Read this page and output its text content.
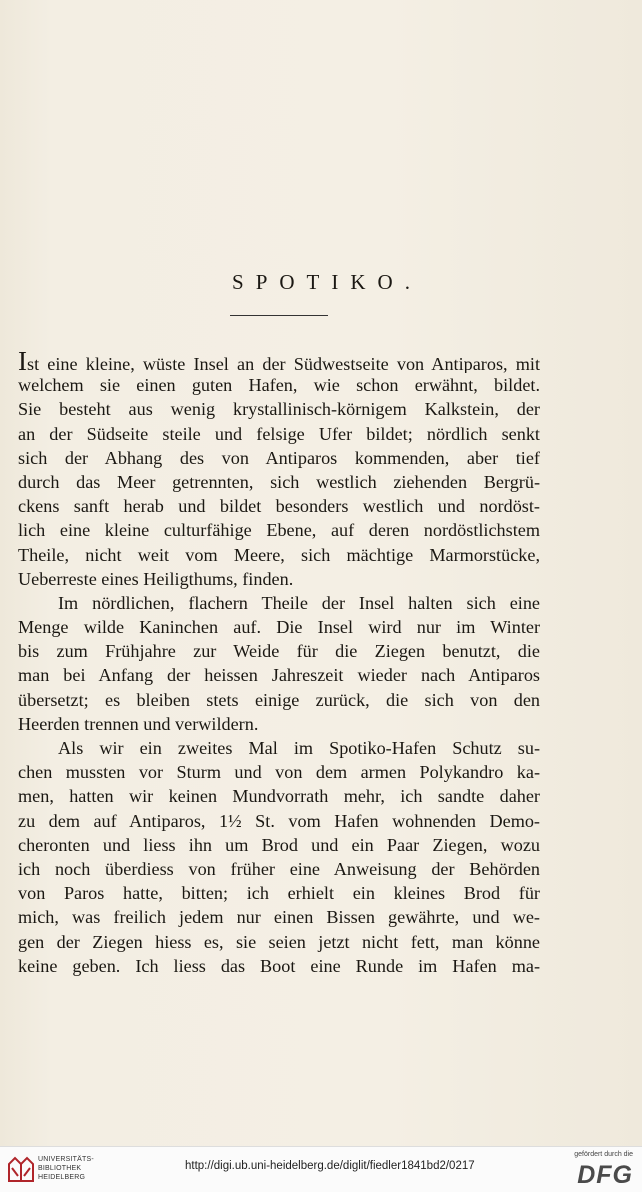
SPOTIKO.
Ist eine kleine, wüste Insel an der Südwestseite von Antiparos, mit
welchem sie einen guten Hafen, wie schon erwähnt, bildet.
Sie besteht aus wenig krystallinisch-körnigem Kalkstein, der
an der Südseite steile und felsige Ufer bildet; nördlich senkt
sich der Abhang des von Antiparos kommenden, aber tief
durch das Meer getrennten, sich westlich ziehenden Bergrü-
ckens sanft herab und bildet besonders westlich und nordöst-
lich eine kleine culturfähige Ebene, auf deren nordöstlichstem
Theile, nicht weit vom Meere, sich mächtige Marmorstücke,
Ueberreste eines Heiligthums, finden.
Im nördlichen, flachern Theile der Insel halten sich eine
Menge wilde Kaninchen auf. Die Insel wird nur im Winter
bis zum Frühjahre zur Weide für die Ziegen benutzt, die
man bei Anfang der heissen Jahreszeit wieder nach Antiparos
übersetzt; es bleiben stets einige zurück, die sich von den
Heerden trennen und verwildern.
Als wir ein zweites Mal im Spotiko-Hafen Schutz su-
chen mussten vor Sturm und von dem armen Polykandro ka-
men, hatten wir keinen Mundvorrath mehr, ich sandte daher
zu dem auf Antiparos, 1½ St. vom Hafen wohnenden Demo-
cheronten und liess ihn um Brod und ein Paar Ziegen, wozu
ich noch überdiess von früher eine Anweisung der Behörden
von Paros hatte, bitten; ich erhielt ein kleines Brod für
mich, was freilich jedem nur einen Bissen gewährte, und we-
gen der Ziegen hiess es, sie seien jetzt nicht fett, man könne
keine geben. Ich liess das Boot eine Runde im Hafen ma-
UNIVERSITÄTS-
BIBLIOTHEK
HEIDELBERG
http://digi.ub.uni-heidelberg.de/diglit/fiedler1841bd2/0217
gefördert durch die
DFG
